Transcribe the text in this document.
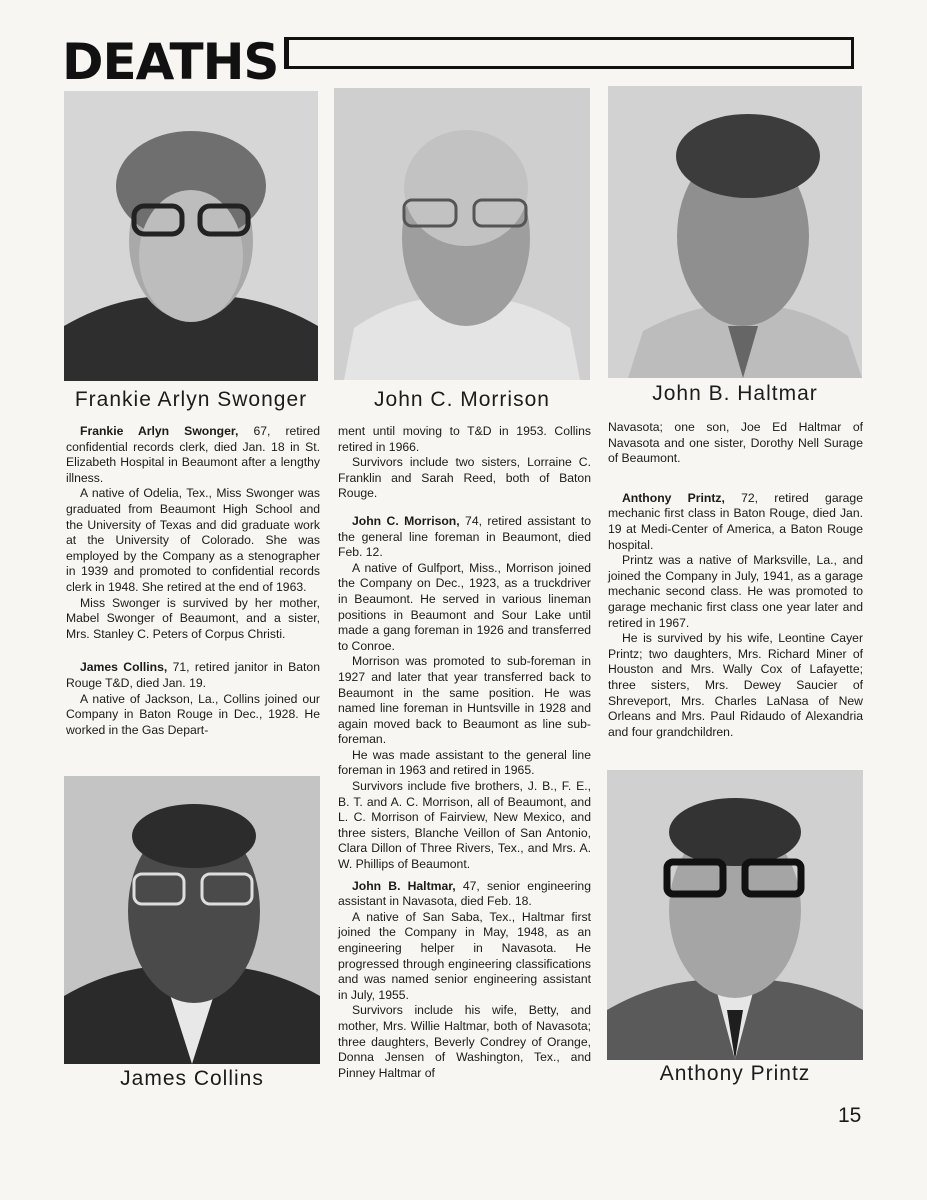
DEATHS
Frankie Arlyn Swonger	John C. Morrison	John B. Haltmar
James Collins	Anthony Printz

Frankie Arlyn Swonger, 67, retired confidential records clerk, died Jan. 18 in St. Elizabeth Hospital in Beaumont after a lengthy illness.

A native of Odelia, Tex., Miss Swonger was graduated from Beaumont High School and the University of Texas and did graduate work at the University of Colorado. She was employed by the Company as a stenographer in 1939 and promoted to confidential records clerk in 1948. She retired at the end of 1963.

Miss Swonger is survived by her mother, Mabel Swonger of Beaumont, and a sister, Mrs. Stanley C. Peters of Corpus Christi.

James Collins, 71, retired janitor in Baton Rouge T&D, died Jan. 19.

A native of Jackson, La., Collins joined our Company in Baton Rouge in Dec., 1928. He worked in the Gas Depart-

ment until moving to T&D in 1953. Collins retired in 1966.

Survivors include two sisters, Lorraine C. Franklin and Sarah Reed, both of Baton Rouge.

John C. Morrison, 74, retired assistant to the general line foreman in Beaumont, died Feb. 12.

A native of Gulfport, Miss., Morrison joined the Company on Dec., 1923, as a truckdriver in Beaumont. He served in various lineman positions in Beaumont and Sour Lake until made a gang foreman in 1926 and transferred to Conroe.

Morrison was promoted to sub-foreman in 1927 and later that year transferred back to Beaumont in the same position. He was named line foreman in Huntsville in 1928 and again moved back to Beaumont as line sub-foreman.

He was made assistant to the general line foreman in 1963 and retired in 1965.

Survivors include five brothers, J. B., F. E., B. T. and A. C. Morrison, all of Beaumont, and L. C. Morrison of Fairview, New Mexico, and three sisters, Blanche Veillon of San Antonio, Clara Dillon of Three Rivers, Tex., and Mrs. A. W. Phillips of Beaumont.

John B. Haltmar, 47, senior engineering assistant in Navasota, died Feb. 18.

A native of San Saba, Tex., Haltmar first joined the Company in May, 1948, as an engineering helper in Navasota. He progressed through engineering classifications and was named senior engineering assistant in July, 1955.

Survivors include his wife, Betty, and mother, Mrs. Willie Haltmar, both of Navasota; three daughters, Beverly Condrey of Orange, Donna Jensen of Washington, Tex., and Pinney Haltmar of

Navasota; one son, Joe Ed Haltmar of Navasota and one sister, Dorothy Nell Surage of Beaumont.

Anthony Printz, 72, retired garage mechanic first class in Baton Rouge, died Jan. 19 at Medi-Center of America, a Baton Rouge hospital.

Printz was a native of Marksville, La., and joined the Company in July, 1941, as a garage mechanic second class. He was promoted to garage mechanic first class one year later and retired in 1967.

He is survived by his wife, Leontine Cayer Printz; two daughters, Mrs. Richard Miner of Houston and Mrs. Wally Cox of Lafayette; three sisters, Mrs. Dewey Saucier of Shreveport, Mrs. Charles LaNasa of New Orleans and Mrs. Paul Ridaudo of Alexandria and four grandchildren.

15
